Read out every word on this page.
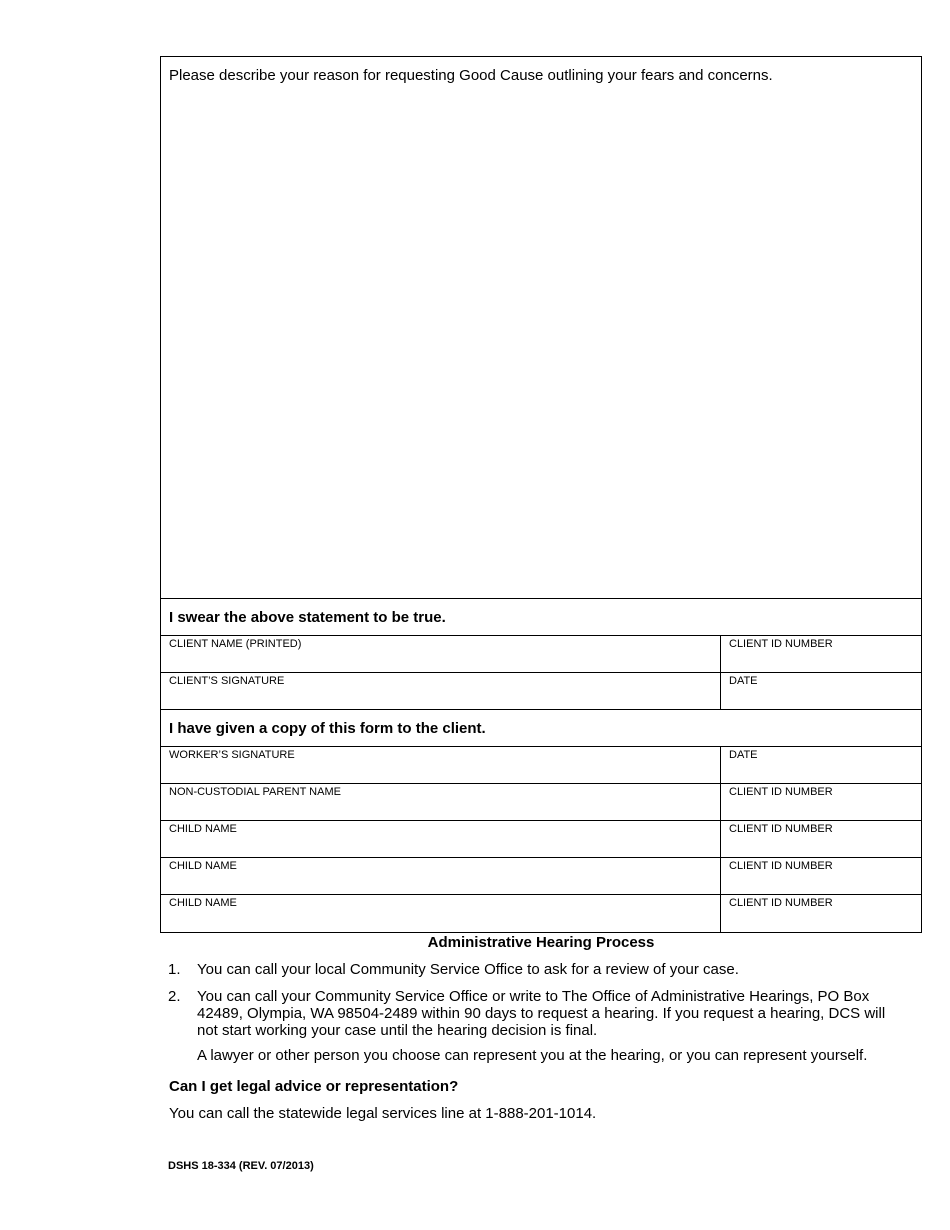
Please describe your reason for requesting Good Cause outlining your fears and concerns.
I swear the above statement to be true.
CLIENT NAME (PRINTED)	CLIENT ID NUMBER
CLIENT’S SIGNATURE	DATE
I have given a copy of this form to the client.
WORKER’S SIGNATURE	DATE
NON-CUSTODIAL PARENT NAME	CLIENT ID NUMBER
CHILD NAME	CLIENT ID NUMBER
CHILD NAME	CLIENT ID NUMBER
CHILD NAME	CLIENT ID NUMBER
Administrative Hearing Process
1.	You can call your local Community Service Office to ask for a review of your case.
2.	You can call your Community Service Office or write to The Office of Administrative Hearings, PO Box 42489, Olympia, WA 98504-2489 within 90 days to request a hearing. If you request a hearing, DCS will not start working your case until the hearing decision is final.
A lawyer or other person you choose can represent you at the hearing, or you can represent yourself.
Can I get legal advice or representation?
You can call the statewide legal services line at 1-888-201-1014.
DSHS 18-334 (REV. 07/2013)
